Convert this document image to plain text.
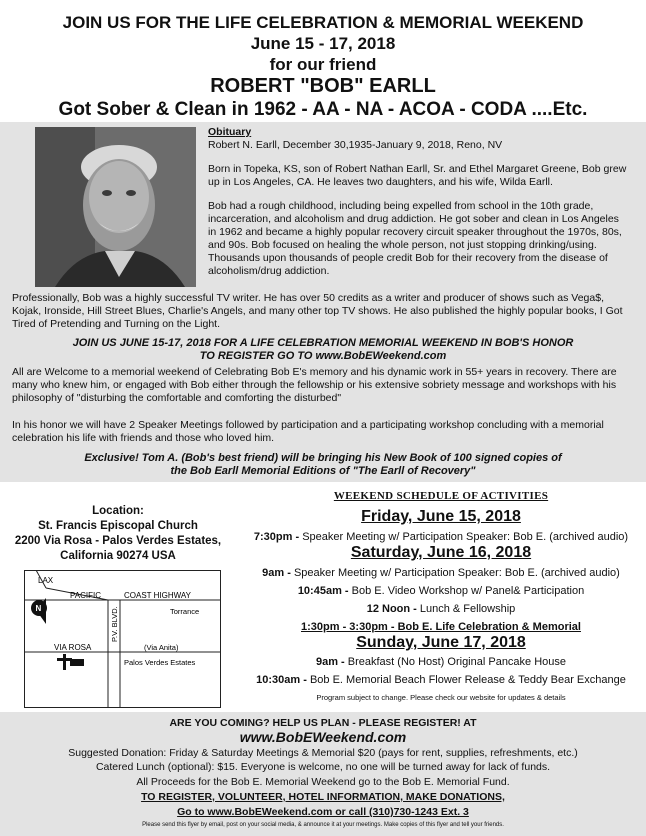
JOIN US FOR THE LIFE CELEBRATION & MEMORIAL WEEKEND
June 15 - 17, 2018
for our friend
ROBERT "BOB" EARLL
Got Sober & Clean in 1962 - AA - NA - ACOA - CODA ....Etc.

Obituary

Robert N. Earll, December 30,1935-January 9, 2018, Reno, NV

Born in Topeka, KS, son of Robert Nathan Earll, Sr. and Ethel Margaret Greene, Bob grew up in Los Angeles, CA. He leaves two daughters, and his wife, Wilda Earll.

Bob had a rough childhood, including being expelled from school in the 10th grade, incarceration, and alcoholism and drug addiction. He got sober and clean in Los Angeles in 1962 and became a highly popular recovery circuit speaker throughout the 1970s, 80s, and 90s. Bob focused on healing the whole person, not just stopping drinking/using. Thousands upon thousands of people credit Bob for their recovery from the disease of alcoholism/drug addiction.

Professionally, Bob was a highly successful TV writer. He has over 50 credits as a writer and producer of shows such as Vega$, Kojak, Ironside, Hill Street Blues, Charlie's Angels, and many other top TV shows. He also published the highly popular books, I Got Tired of Pretending and Turning on the Light.
JOIN US JUNE 15-17, 2018 FOR A LIFE CELEBRATION MEMORIAL WEEKEND IN BOB'S HONOR
TO REGISTER GO TO www.BobEWeekend.com
All are Welcome to a memorial weekend of Celebrating Bob E's memory and his dynamic work in 55+ years in recovery. There are many who knew him, or engaged with Bob either through the fellowship or his extensive sobriety message and workshops with his philosophy of "disturbing the comfortable and comforting the disturbed"
In his honor we will have 2 Speaker Meetings followed by participation and a participating workshop concluding with a memorial celebration his life with friends and those who loved him.
Exclusive! Tom A. (Bob's best friend) will be bringing his New Book of 100 signed copies of
the Bob Earll Memorial Editions of "The Earll of Recovery"
Location:
St. Francis Episcopal Church
2200 Via Rosa - Palos Verdes Estates,
California 90274 USA
LAX
PACIFIC	COAST HIGHWAY
Torrance
P.V. BLVD.
VIA ROSA	(Via Anita)
Palos Verdes Estates
N
WEEKEND SCHEDULE OF ACTIVITIES
Friday, June 15, 2018
7:30pm - Speaker Meeting w/ Participation Speaker: Bob E. (archived audio)
Saturday, June 16, 2018
9am - Speaker Meeting w/ Participation Speaker: Bob E. (archived audio)
10:45am - Bob E. Video Workshop w/ Panel& Participation
12 Noon - Lunch & Fellowship
1:30pm - 3:30pm - Bob E. Life Celebration & Memorial
Sunday, June 17, 2018
9am - Breakfast (No Host) Original Pancake House
10:30am - Bob E. Memorial Beach Flower Release & Teddy Bear Exchange
Program subject to change. Please check our website for updates & details
ARE YOU COMING? HELP US PLAN - PLEASE REGISTER! AT
www.BobEWeekend.com
Suggested Donation: Friday & Saturday Meetings & Memorial $20 (pays for rent, supplies, refreshments, etc.)
Catered Lunch (optional): $15. Everyone is welcome, no one will be turned away for lack of funds.
All Proceeds for the Bob E. Memorial Weekend go to the Bob E. Memorial Fund.
TO REGISTER, VOLUNTEER, HOTEL INFORMATION, MAKE DONATIONS,
Go to www.BobEWeekend.com or call (310)730-1243 Ext. 3
Please send this flyer by email, post on your social media, & announce it at your meetings. Make copies of this flyer and tell your friends.
